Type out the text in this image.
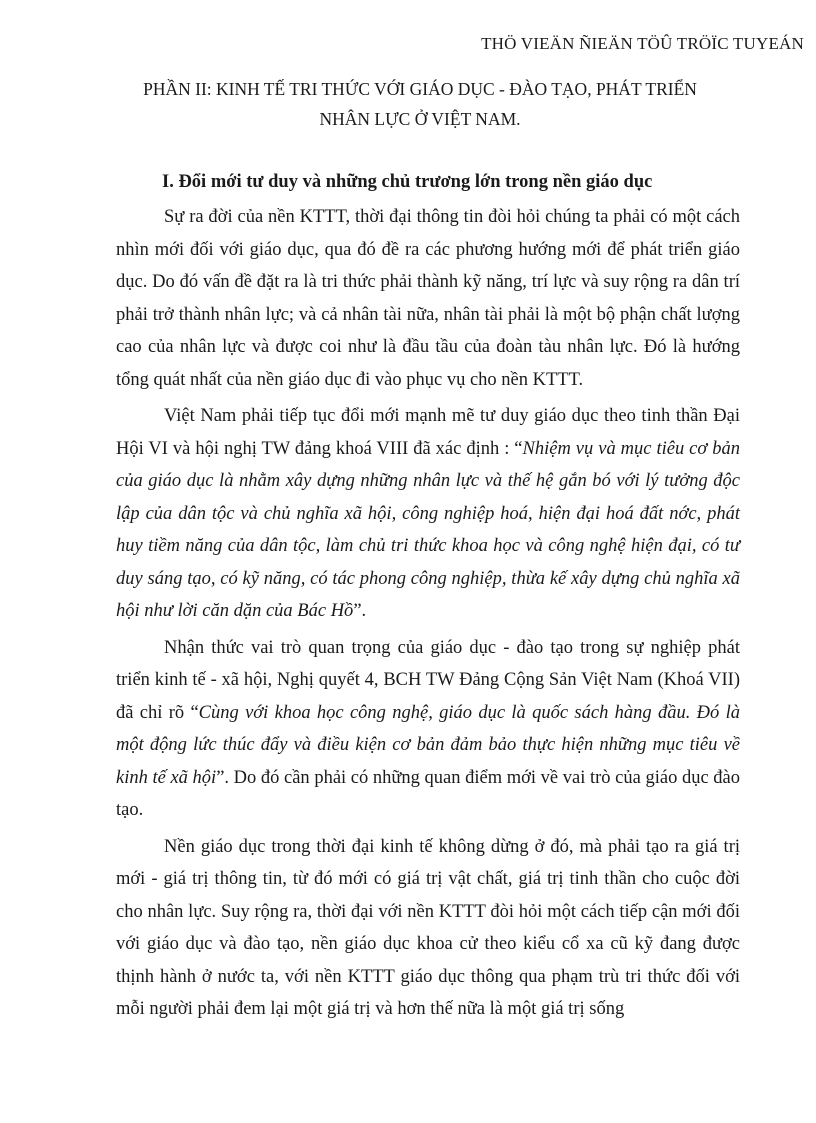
THÖ VIEÄN ÑIEÄN TÖÛ TRÖÏC TUYEÁN
PHẦN II: KINH TẾ TRI THỨC VỚI GIÁO DỤC - ĐÀO TẠO, PHÁT TRIỂN
NHÂN LỰC Ở VIỆT NAM.
I. Đổi mới tư duy và những chủ trương lớn trong nền giáo dục

Sự ra đời của nền KTTT, thời đại thông tin đòi hỏi chúng ta phải có một cách nhìn mới đối với giáo dục, qua đó đề ra các phương hướng mới để phát triển giáo dục. Do đó vấn đề đặt ra là tri thức phải thành kỹ năng, trí lực và suy rộng ra dân trí phải trở thành nhân lực; và cả nhân tài nữa, nhân tài phải là một bộ phận chất lượng cao của nhân lực và được coi như là đầu tầu của đoàn tàu nhân lực. Đó là hướng tổng quát nhất của nền giáo dục đi vào phục vụ cho nền KTTT.

Việt Nam phải tiếp tục đổi mới mạnh mẽ tư duy giáo dục theo tinh thần Đại Hội VI và hội nghị TW đảng khoá VIII đã xác định : “Nhiệm vụ và mục tiêu cơ bản của giáo dục là nhằm xây dựng những nhân lực và thế hệ gắn bó với lý tưởng độc lập của dân tộc và chủ nghĩa xã hội, công nghiệp hoá, hiện đại hoá đất nớc, phát huy tiềm năng của dân tộc, làm chủ tri thức khoa học và công nghệ hiện đại, có tư duy sáng tạo, có kỹ năng, có tác phong công nghiệp, thừa kế xây dựng chủ nghĩa xã hội như lời căn dặn của Bác Hồ”.

Nhận thức vai trò quan trọng của giáo dục - đào tạo trong sự nghiệp phát triển kinh tế - xã hội, Nghị quyết 4, BCH TW Đảng Cộng Sản Việt Nam (Khoá VII) đã chỉ rõ “Cùng với khoa học công nghệ, giáo dục là quốc sách hàng đầu. Đó là một động lức thúc đẩy và điều kiện cơ bản đảm bảo thực hiện những mục tiêu về kinh tế xã hội”. Do đó cần phải có những quan điểm mới về vai trò của giáo dục đào tạo.

Nền giáo dục trong thời đại kinh tế không dừng ở đó, mà phải tạo ra giá trị mới - giá trị thông tin, từ đó mới có giá trị vật chất, giá trị tinh thần cho cuộc đời cho nhân lực. Suy rộng ra, thời đại với nền KTTT đòi hỏi một cách tiếp cận mới đối với giáo dục và đào tạo, nền giáo dục khoa cử theo kiểu cổ xa cũ kỹ đang được thịnh hành ở nước ta, với nền KTTT giáo dục thông qua phạm trù tri thức đối với mỗi người phải đem lại một giá trị và hơn thế nữa là một giá trị sống
